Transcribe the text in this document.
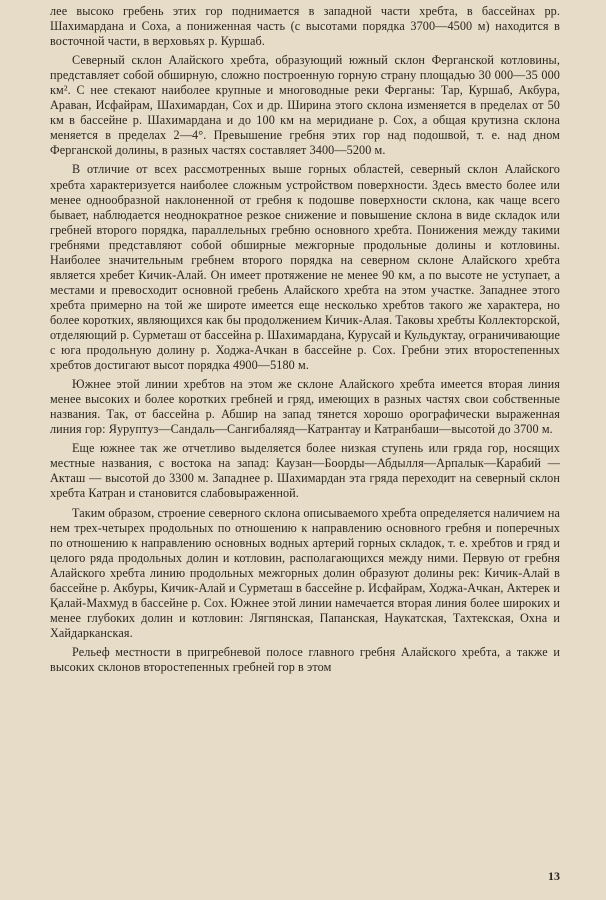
лее высоко гребень этих гор поднимается в западной части хребта, в бассейнах рр. Шахимардана и Соха, а пониженная часть (с высотами порядка 3700—4500 м) находится в восточной части, в верховьях р. Куршаб.

Северный склон Алайского хребта, образующий южный склон Ферганской котловины, представляет собой обширную, сложно построенную горную страну площадью 30 000—35 000 км². С нее стекают наиболее крупные и многоводные реки Ферганы: Тар, Куршаб, Акбура, Араван, Исфайрам, Шахимардан, Сох и др. Ширина этого склона изменяется в пределах от 50 км в бассейне р. Шахимардана и до 100 км на меридиане р. Сох, а общая крутизна склона меняется в пределах 2—4°. Превышение гребня этих гор над подошвой, т. е. над дном Ферганской долины, в разных частях составляет 3400—5200 м.

В отличие от всех рассмотренных выше горных областей, северный склон Алайского хребта характеризуется наиболее сложным устройством поверхности. Здесь вместо более или менее однообразной наклоненной от гребня к подошве поверхности склона, как чаще всего бывает, наблюдается неоднократное резкое снижение и повышение склона в виде складок или гребней второго порядка, параллельных гребню основного хребта. Понижения между такими гребнями представляют собой обширные межгорные продольные долины и котловины. Наиболее значительным гребнем второго порядка на северном склоне Алайского хребта является хребет Кичик-Алай. Он имеет протяжение не менее 90 км, а по высоте не уступает, а местами и превосходит основной гребень Алайского хребта на этом участке. Западнее этого хребта примерно на той же широте имеется еще несколько хребтов такого же характера, но более коротких, являющихся как бы продолжением Кичик-Алая. Таковы хребты Коллекторской, отделяющий р. Сурметаш от бассейна р. Шахимардана, Курусай и Кульдуктау, ограничивающие с юга продольную долину р. Ходжа-Ачкан в бассейне р. Сох. Гребни этих второстепенных хребтов достигают высот порядка 4900—5180 м.

Южнее этой линии хребтов на этом же склоне Алайского хребта имеется вторая линия менее высоких и более коротких гребней и гряд, имеющих в разных частях свои собственные названия. Так, от бассейна р. Абшир на запад тянется хорошо орографически выраженная линия гор: Яуруптуз—Сандаль—Сангибаляяд—Катрантау и Катранбаши—высотой до 3700 м.

Еще южнее так же отчетливо выделяется более низкая ступень или гряда гор, носящих местные названия, с востока на запад: Каузан—Боорды—Абдылля—Арпалык—Карабий — Акташ — высотой до 3300 м. Западнее р. Шахимардан эта гряда переходит на северный склон хребта Катран и становится слабовыраженной.

Таким образом, строение северного склона описываемого хребта определяется наличием на нем трех-четырех продольных по отношению к направлению основного гребня и поперечных по отношению к направлению основных водных артерий горных складок, т. е. хребтов и гряд и целого ряда продольных долин и котловин, располагающихся между ними. Первую от гребня Алайского хребта линию продольных межгорных долин образуют долины рек: Кичик-Алай в бассейне р. Акбуры, Кичик-Алай и Сурметаш в бассейне р. Исфайрам, Ходжа-Ачкан, Актерек и Қалай-Махмуд в бассейне р. Сох. Южнее этой линии намечается вторая линия более широких и менее глубоких долин и котловин: Лягпянская, Папанская, Наукатская, Тахтекская, Охна и Хайдарканская.

Рельеф местности в пригребневой полосе главного гребня Алайского хребта, а также и высоких склонов второстепенных гребней гор в этом

13
